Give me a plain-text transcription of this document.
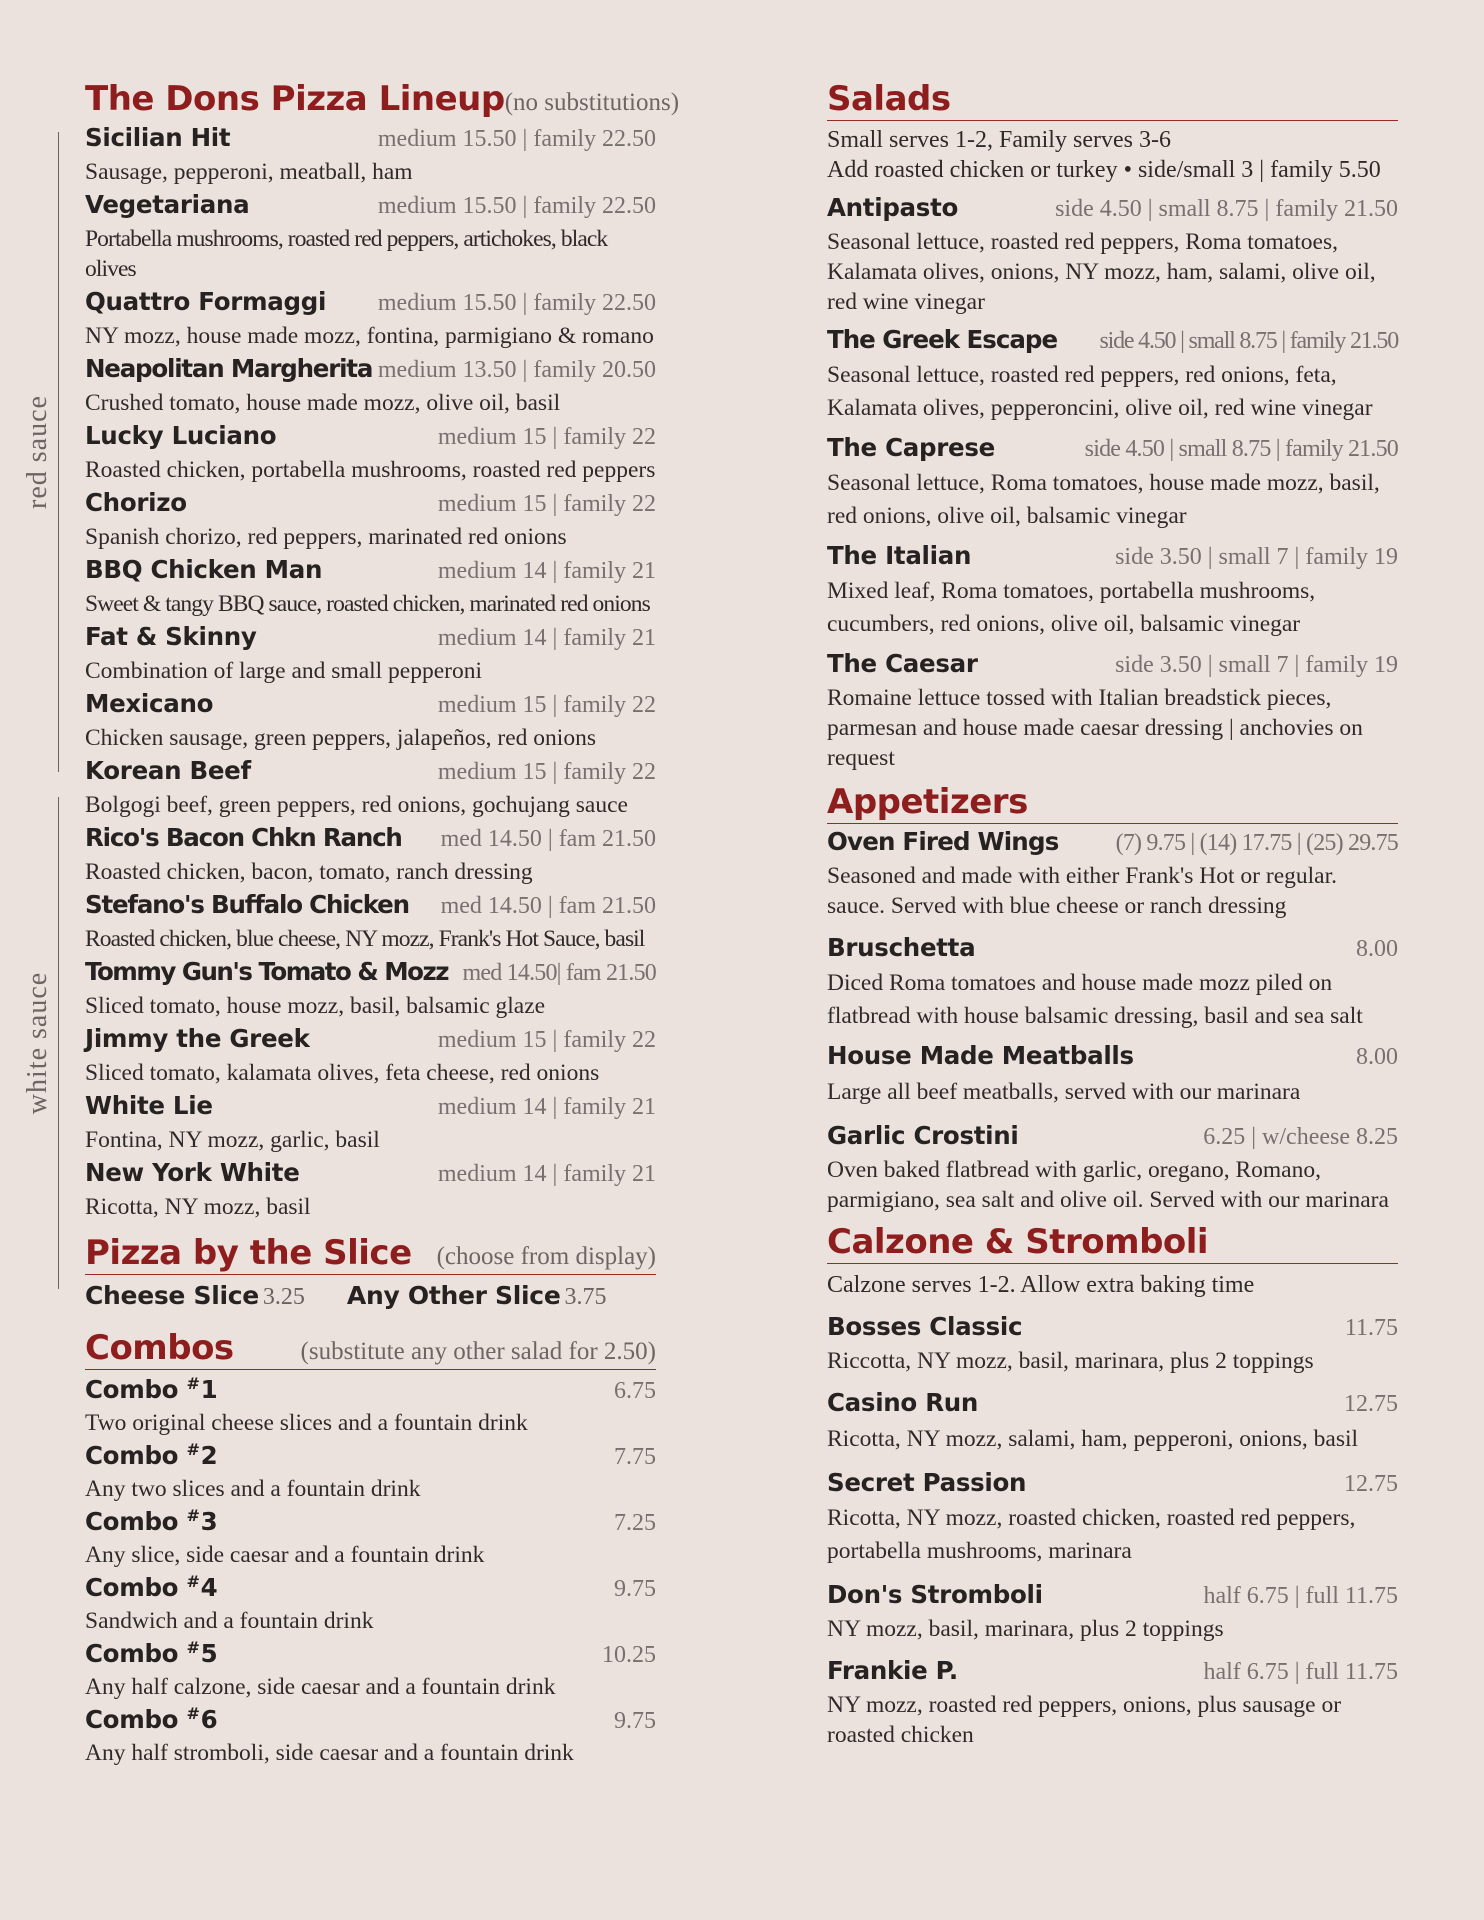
red sauce
white sauce
The Dons Pizza Lineup (no substitutions)
Sicilian Hit	medium 15.50 | family 22.50
Sausage, pepperoni, meatball, ham
Vegetariana	medium 15.50 | family 22.50
Portabella mushrooms, roasted red peppers, artichokes, black olives
Quattro Formaggi medium 15.50 | family 22.50
NY mozz, house made mozz, fontina, parmigiano & romano
Neapolitan Margherita medium 13.50 | family 20.50
Crushed tomato, house made mozz, olive oil, basil
Lucky Luciano	medium 15 | family 22
Roasted chicken, portabella mushrooms, roasted red peppers
Chorizo	medium 15 | family 22
Spanish chorizo, red peppers, marinated red onions
BBQ Chicken Man	medium 14 | family 21
Sweet & tangy BBQ sauce, roasted chicken, marinated red onions
Fat & Skinny	medium 14 | family 21
Combination of large and small pepperoni
Mexicano	medium 15 | family 22
Chicken sausage, green peppers, jalapeños, red onions
Korean Beef	medium 15 | family 22
Bolgogi beef, green peppers, red onions, gochujang sauce
Rico's Bacon Chkn Ranch med 14.50 | fam 21.50
Roasted chicken, bacon, tomato, ranch dressing
Stefano's Buffalo Chicken med 14.50 | fam 21.50
Roasted chicken, blue cheese, NY mozz, Frank's Hot Sauce, basil
Tommy Gun's Tomato & Mozz med 14.50| fam 21.50
Sliced tomato, house mozz, basil, balsamic glaze
Jimmy the Greek	medium 15 | family 22
Sliced tomato, kalamata olives, feta cheese, red onions
White Lie	medium 14 | family 21
Fontina, NY mozz, garlic, basil
New York White	medium 14 | family 21
Ricotta, NY mozz, basil
Pizza by the Slice (choose from display)
Cheese Slice 3.25 Any Other Slice 3.75
Combos	(substitute any other salad for 2.50)
Combo #1	6.75
Two original cheese slices and a fountain drink
Combo #2	7.75
Any two slices and a fountain drink
Combo #3	7.25
Any slice, side caesar and a fountain drink
Combo #4	9.75
Sandwich and a fountain drink
Combo #5	10.25
Any half calzone, side caesar and a fountain drink
Combo #6	9.75
Any half stromboli, side caesar and a fountain drink
Salads
Small serves 1-2, Family serves 3-6
Add roasted chicken or turkey • side/small 3 | family 5.50
Antipasto	side 4.50 | small 8.75 | family 21.50
Seasonal lettuce, roasted red peppers, Roma tomatoes, Kalamata olives, onions, NY mozz, ham, salami, olive oil, red wine vinegar
The Greek Escape side 4.50 | small 8.75 | family 21.50
Seasonal lettuce, roasted red peppers, red onions, feta, Kalamata olives, pepperoncini, olive oil, red wine vinegar
The Caprese	side 4.50 | small 8.75 | family 21.50
Seasonal lettuce, Roma tomatoes, house made mozz, basil, red onions, olive oil, balsamic vinegar
The Italian	side 3.50 | small 7 | family 19
Mixed leaf, Roma tomatoes, portabella mushrooms, cucumbers, red onions, olive oil, balsamic vinegar
The Caesar	side 3.50 | small 7 | family 19
Romaine lettuce tossed with Italian breadstick pieces, parmesan and house made caesar dressing | anchovies on request
Appetizers
Oven Fired Wings (7) 9.75 | (14) 17.75 | (25) 29.75
Seasoned and made with either Frank's Hot or regular. sauce. Served with blue cheese or ranch dressing
Bruschetta	8.00
Diced Roma tomatoes and house made mozz piled on flatbread with house balsamic dressing, basil and sea salt
House Made Meatballs	8.00
Large all beef meatballs, served with our marinara
Garlic Crostini	6.25 | w/cheese 8.25
Oven baked flatbread with garlic, oregano, Romano, parmigiano, sea salt and olive oil. Served with our marinara
Calzone & Stromboli
Calzone serves 1-2. Allow extra baking time
Bosses Classic	11.75
Riccotta, NY mozz, basil, marinara, plus 2 toppings
Casino Run	12.75
Ricotta, NY mozz, salami, ham, pepperoni, onions, basil
Secret Passion	12.75
Ricotta, NY mozz, roasted chicken, roasted red peppers, portabella mushrooms, marinara
Don's Stromboli	half 6.75 | full 11.75
NY mozz, basil, marinara, plus 2 toppings
Frankie P.	half 6.75 | full 11.75
NY mozz, roasted red peppers, onions, plus sausage or roasted chicken
